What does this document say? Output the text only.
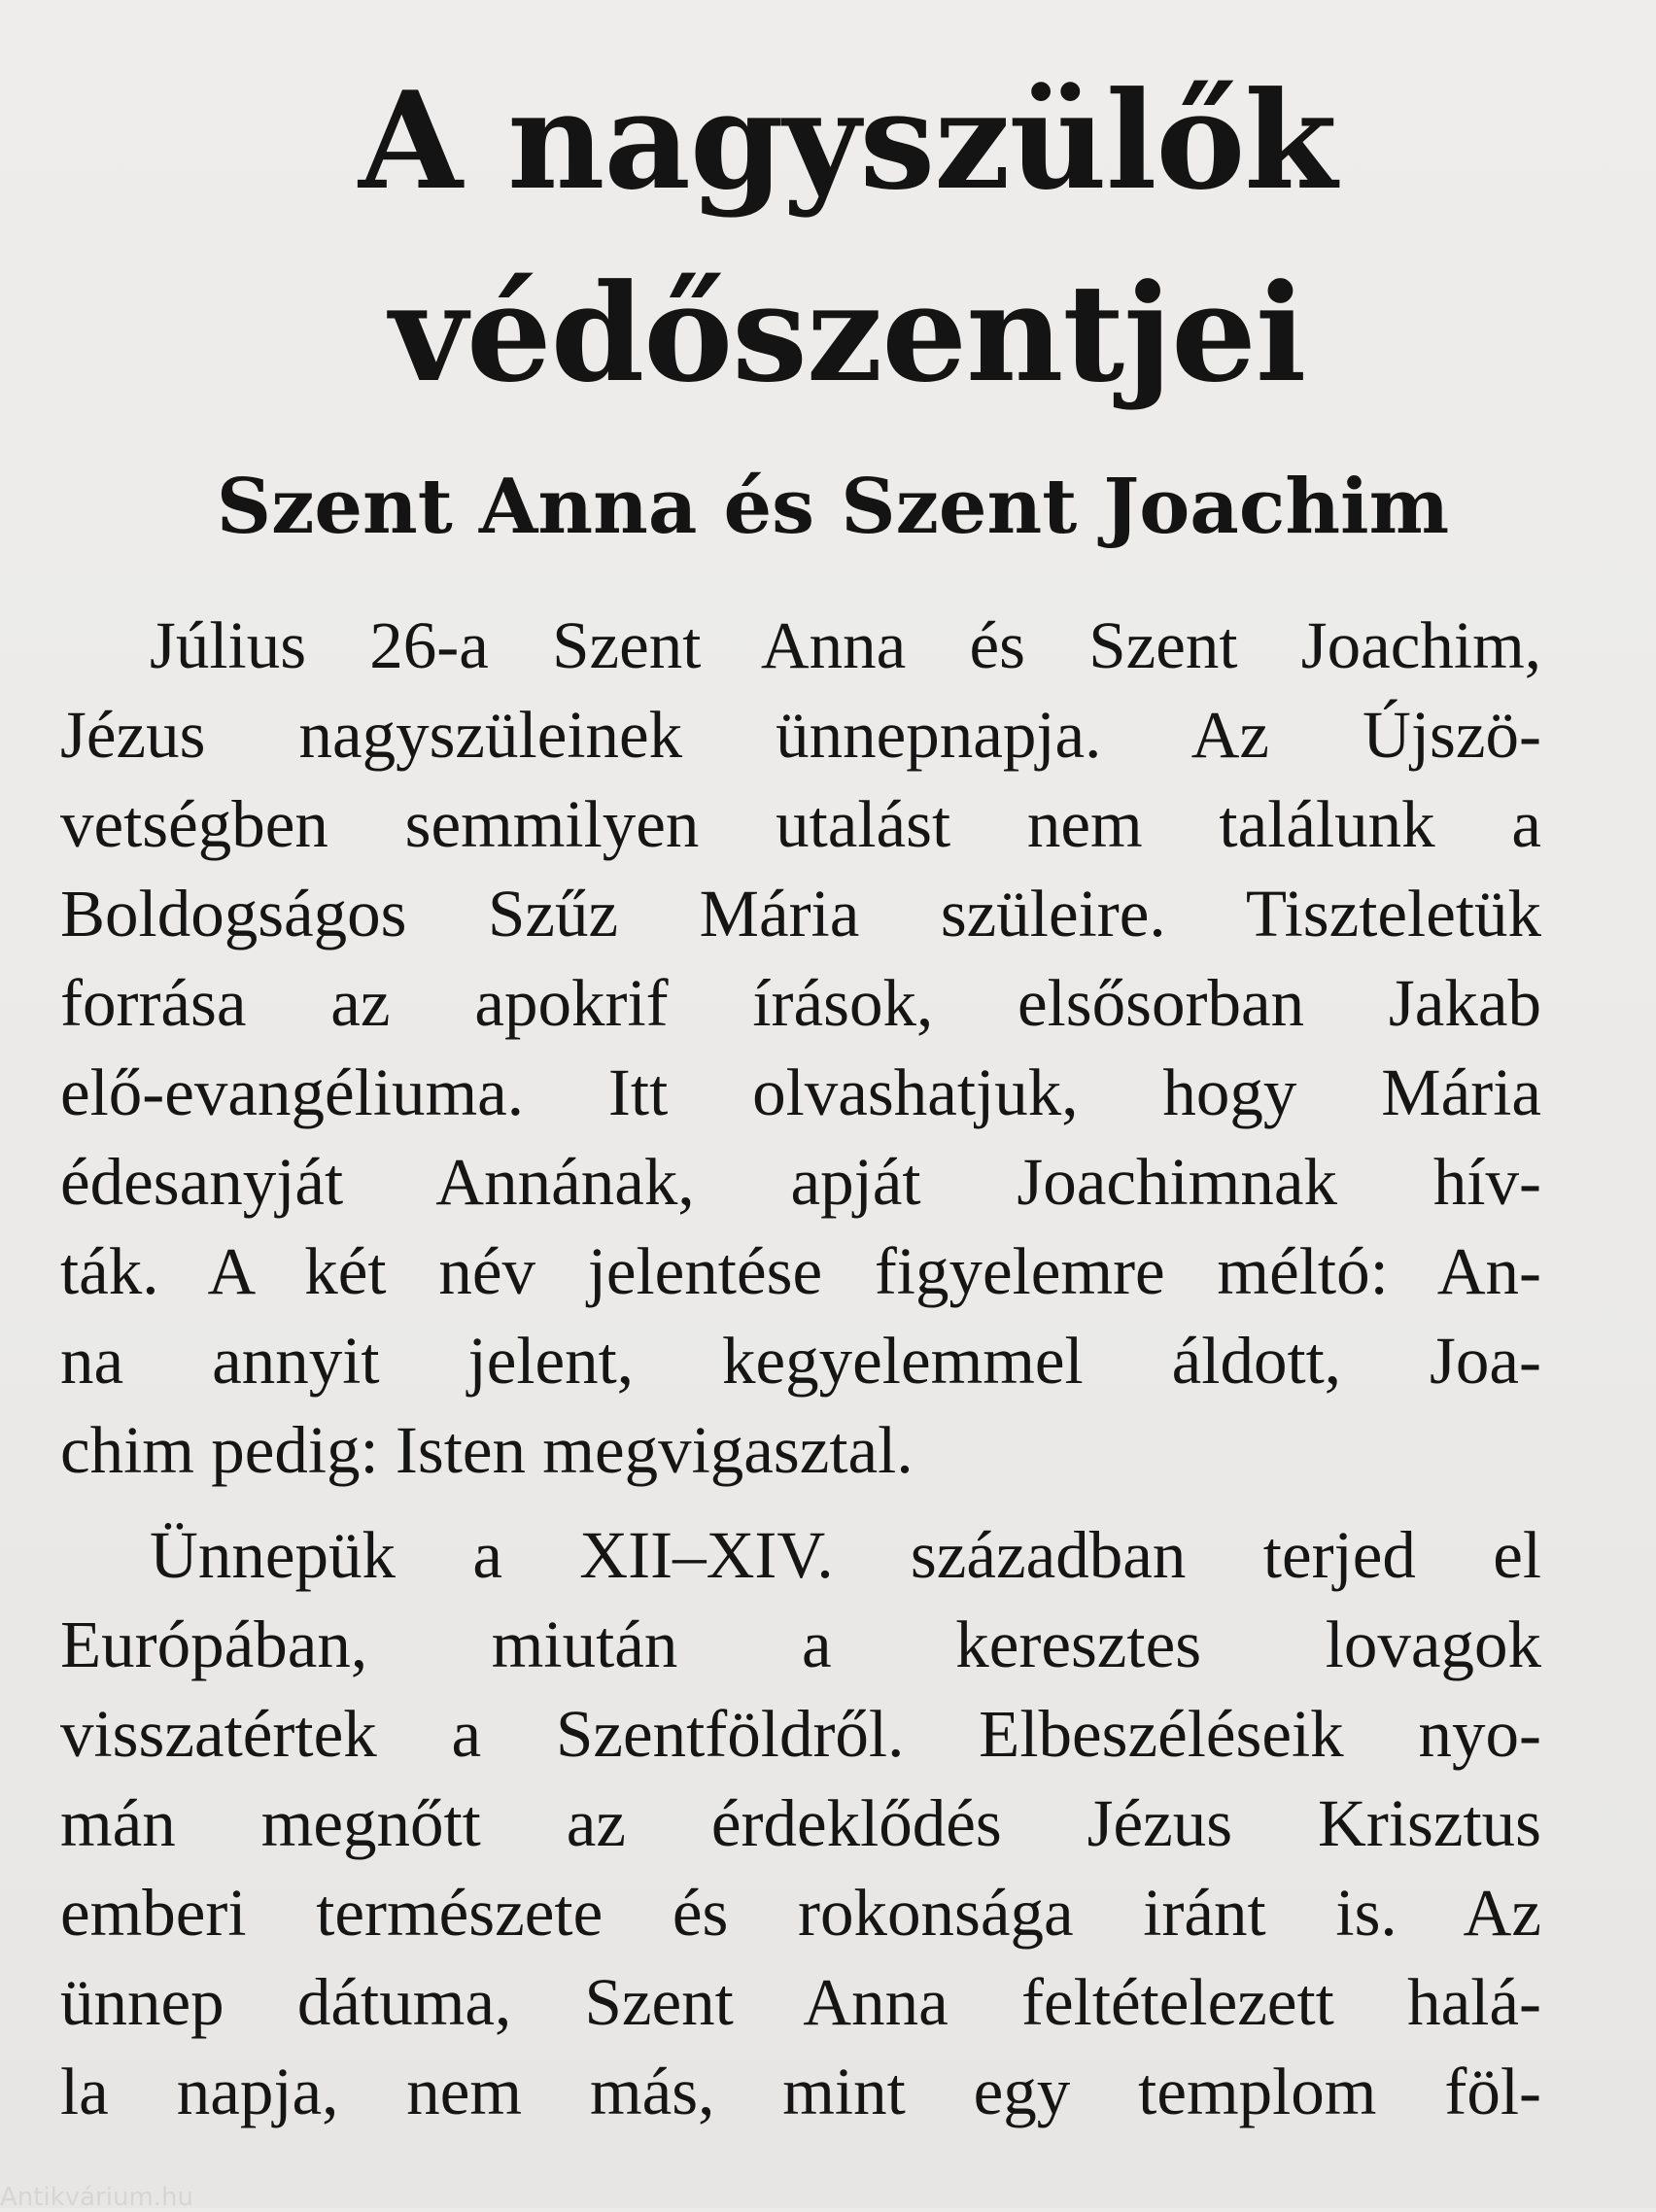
A nagyszülők
védőszentjei
Szent Anna és Szent Joachim
Július 26-a Szent Anna és Szent Joachim,
Jézus nagyszüleinek ünnepnapja. Az Újszö-
vetségben semmilyen utalást nem találunk a
Boldogságos Szűz Mária szüleire. Tiszteletük
forrása az apokrif írások, elsősorban Jakab
elő-evangéliuma. Itt olvashatjuk, hogy Mária
édesanyját Annának, apját Joachimnak hív-
ták. A két név jelentése figyelemre méltó: An-
na annyit jelent, kegyelemmel áldott, Joa-
chim pedig: Isten megvigasztal.
Ünnepük a XII–XIV. században terjed el
Európában, miután a keresztes lovagok
visszatértek a Szentföldről. Elbeszéléseik nyo-
mán megnőtt az érdeklődés Jézus Krisztus
emberi természete és rokonsága iránt is. Az
ünnep dátuma, Szent Anna feltételezett halá-
la napja, nem más, mint egy templom föl-
Antikvárium.hu
